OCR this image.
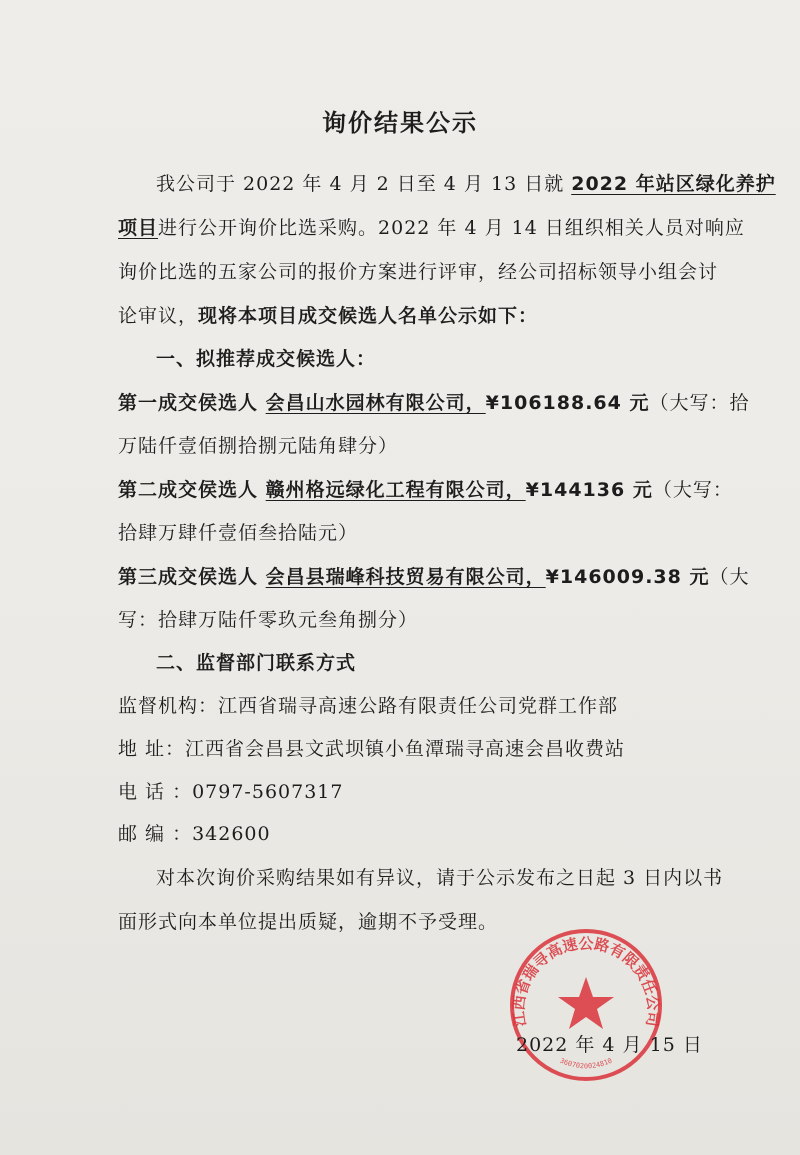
询价结果公示
我公司于 2022 年 4 月 2 日至 4 月 13 日就 2022 年站区绿化养护
项目进行公开询价比选采购。2022 年 4 月 14 日组织相关人员对响应
询价比选的五家公司的报价方案进行评审，经公司招标领导小组会讨
论审议，现将本项目成交候选人名单公示如下：
一、拟推荐成交候选人：
第一成交侯选人 会昌山水园林有限公司，¥106188.64 元（大写：拾
万陆仟壹佰捌拾捌元陆角肆分）
第二成交侯选人 赣州格远绿化工程有限公司，¥144136 元（大写：
拾肆万肆仟壹佰叁拾陆元）
第三成交侯选人 会昌县瑞峰科技贸易有限公司，¥146009.38 元（大
写：拾肆万陆仟零玖元叁角捌分）
二、监督部门联系方式
监督机构：江西省瑞寻高速公路有限责任公司党群工作部
地 址：江西省会昌县文武坝镇小鱼潭瑞寻高速会昌收费站
电 话 ：0797-5607317
邮 编 ：342600
对本次询价采购结果如有异议，请于公示发布之日起 3 日内以书
面形式向本单位提出质疑，逾期不予受理。
江西省瑞寻高速公路有限责任公司
3607020024810
2022 年 4 月 15 日
